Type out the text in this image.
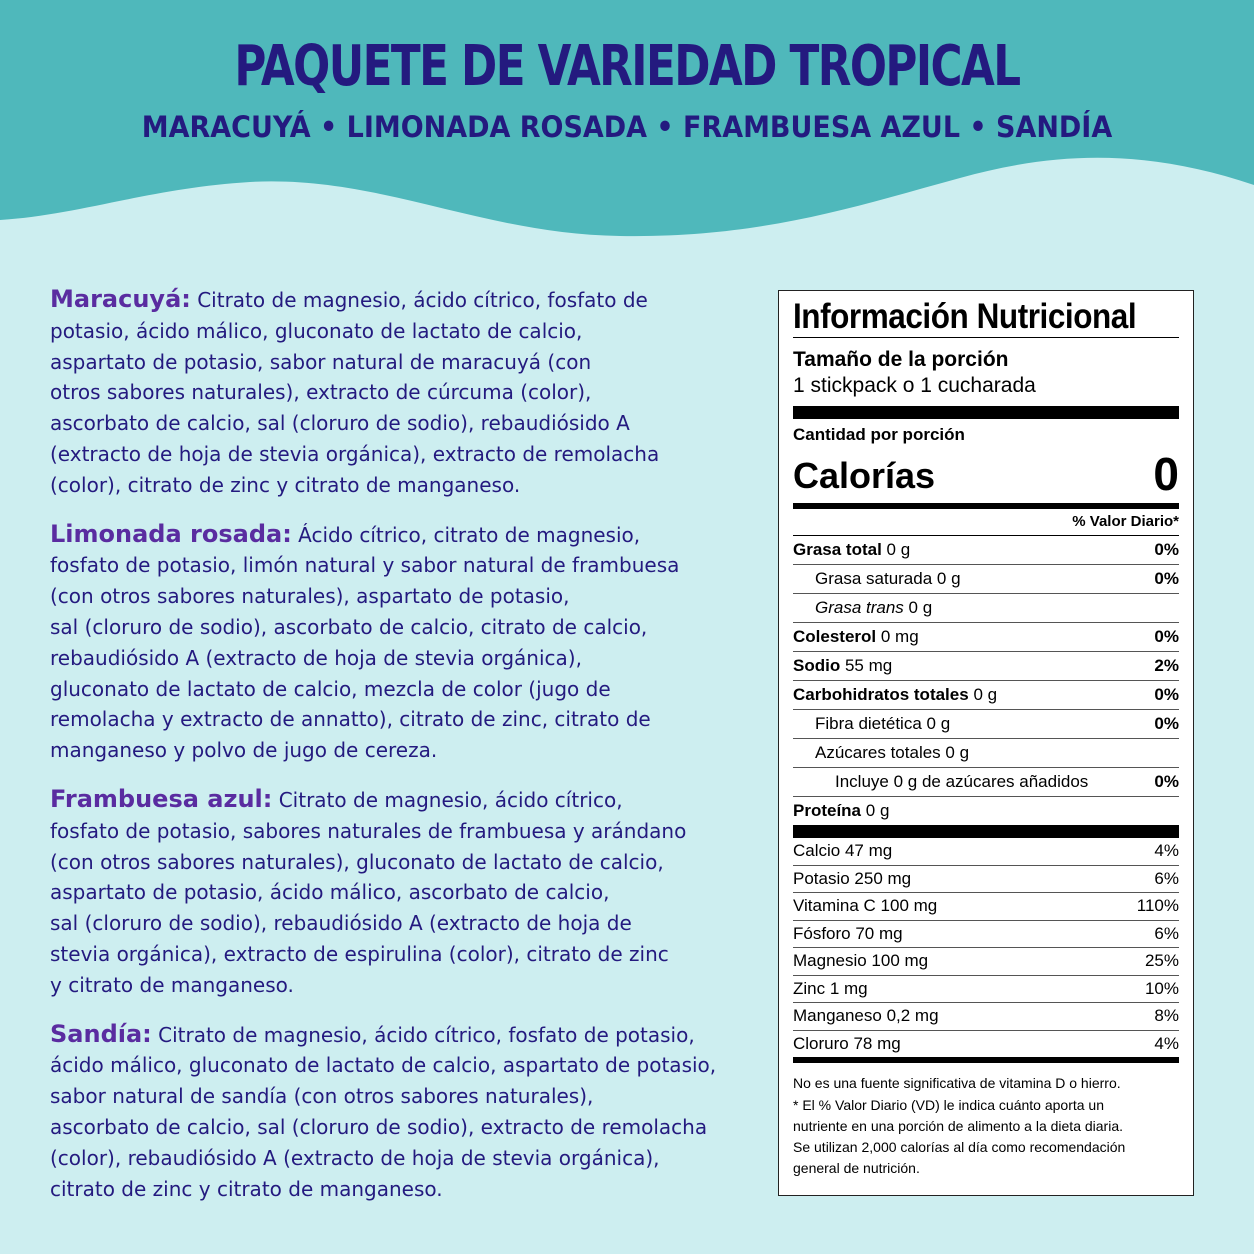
PAQUETE DE VARIEDAD TROPICAL
MARACUYÁ • LIMONADA ROSADA • FRAMBUESA AZUL • SANDÍA
Maracuyá: Citrato de magnesio, ácido cítrico, fosfato de
potasio, ácido málico, gluconato de lactato de calcio,
aspartato de potasio, sabor natural de maracuyá (con
otros sabores naturales), extracto de cúrcuma (color),
ascorbato de calcio, sal (cloruro de sodio), rebaudiósido A
(extracto de hoja de stevia orgánica), extracto de remolacha
(color), citrato de zinc y citrato de manganeso.
Limonada rosada: Ácido cítrico, citrato de magnesio,
fosfato de potasio, limón natural y sabor natural de frambuesa
(con otros sabores naturales), aspartato de potasio,
sal (cloruro de sodio), ascorbato de calcio, citrato de calcio,
rebaudiósido A (extracto de hoja de stevia orgánica),
gluconato de lactato de calcio, mezcla de color (jugo de
remolacha y extracto de annatto), citrato de zinc, citrato de
manganeso y polvo de jugo de cereza.
Frambuesa azul: Citrato de magnesio, ácido cítrico,
fosfato de potasio, sabores naturales de frambuesa y arándano
(con otros sabores naturales), gluconato de lactato de calcio,
aspartato de potasio, ácido málico, ascorbato de calcio,
sal (cloruro de sodio), rebaudiósido A (extracto de hoja de
stevia orgánica), extracto de espirulina (color), citrato de zinc
y citrato de manganeso.
Sandía: Citrato de magnesio, ácido cítrico, fosfato de potasio,
ácido málico, gluconato de lactato de calcio, aspartato de potasio,
sabor natural de sandía (con otros sabores naturales),
ascorbato de calcio, sal (cloruro de sodio), extracto de remolacha
(color), rebaudiósido A (extracto de hoja de stevia orgánica),
citrato de zinc y citrato de manganeso.
Información Nutricional
Tamaño de la porción
1 stickpack o 1 cucharada
Cantidad por porción
Calorías	0
% Valor Diario*
Grasa total 0 g	0%
Grasa saturada 0 g	0%
Grasa trans 0 g
Colesterol 0 mg	0%
Sodio 55 mg	2%
Carbohidratos totales 0 g	0%
Fibra dietética 0 g	0%
Azúcares totales 0 g
Incluye 0 g de azúcares añadidos	0%
Proteína 0 g
Calcio 47 mg	4%
Potasio 250 mg	6%
Vitamina C 100 mg	110%
Fósforo 70 mg	6%
Magnesio 100 mg	25%
Zinc 1 mg	10%
Manganeso 0,2 mg	8%
Cloruro 78 mg	4%

No es una fuente significativa de vitamina D o hierro.

* El % Valor Diario (VD) le indica cuánto aporta un
nutriente en una porción de alimento a la dieta diaria.
Se utilizan 2,000 calorías al día como recomendación
general de nutrición.
